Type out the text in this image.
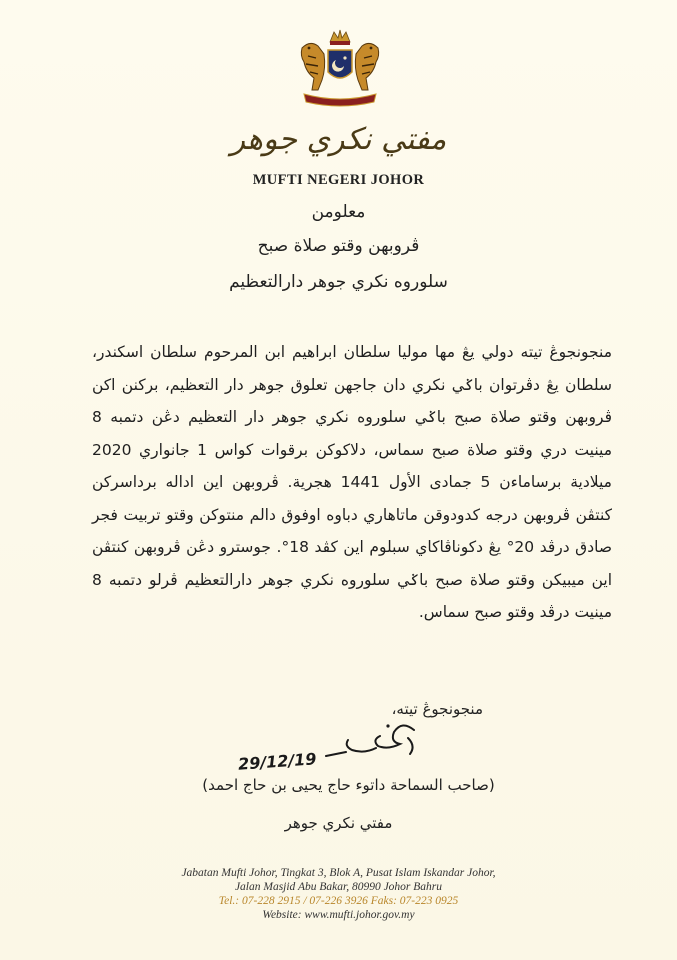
مفتي نکري جوهر
MUFTI NEGERI JOHOR
معلومن
ڤروبهن وقتو صلاة صبح
سلوروه نکري جوهر دارالتعظيم
منجونجوڠ تيته دولي يڠ مها موليا سلطان ابراهيم ابن المرحوم سلطان اسکندر، سلطان يڠ دڤرتوان باݢي نکري دان جاجهن تعلوق جوهر دار التعظيم، برکنن اکن ڤروبهن وقتو صلاة صبح باݢي سلوروه نکري جوهر دار التعظيم دڠن دتمبه 8 مينيت دري وقتو صلاة صبح سماس، دلاکوکن برقوات کواس 1 جانواري 2020 ميلادية برساماءن 5 جمادى الأول 1441 هجرية. ڤروبهن اين اداله برداسرکن کنتڤن ڤروبهن درجه کدودوقن ماتاهاري دباوه اوفوق دالم منتوکن وقتو تربيت فجر صادق درڤد 20° يڠ دکوناڤاکاي سبلوم اين کڤد 18°. جوسترو دڠن ڤروبهن کنتڤن اين ميبيکن وقتو صلاة صبح باݢي سلوروه نکري جوهر دارالتعظيم ڤرلو دتمبه 8 مينيت درڤد وقتو صبح سماس.
منجونجوڠ تيته،
29/12/19
(صاحب السماحة داتوء حاج يحيى بن حاج احمد)
مفتي نکري جوهر
Jabatan Mufti Johor, Tingkat 3, Blok A, Pusat Islam Iskandar Johor,
Jalan Masjid Abu Bakar, 80990 Johor Bahru
Tel.: 07-228 2915 / 07-226 3926 Faks: 07-223 0925
Website: www.mufti.johor.gov.my
